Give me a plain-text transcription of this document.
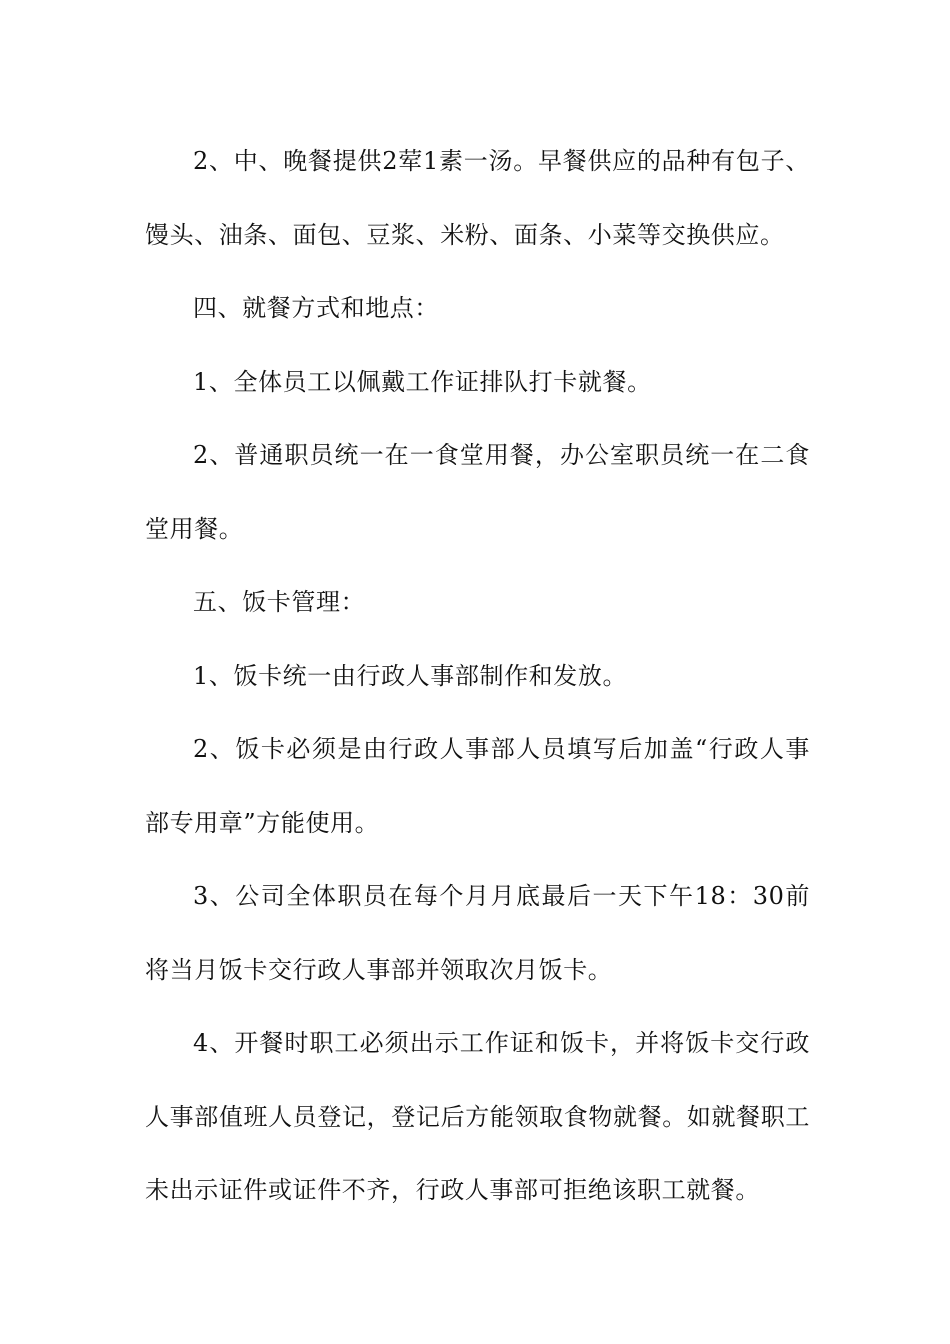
2、中、晚餐提供2荤1素一汤。早餐供应的品种有包子、馒头、油条、面包、豆浆、米粉、面条、小菜等交换供应。

四、就餐方式和地点：

1、全体员工以佩戴工作证排队打卡就餐。

2、普通职员统一在一食堂用餐，办公室职员统一在二食堂用餐。

五、饭卡管理：

1、饭卡统一由行政人事部制作和发放。

2、饭卡必须是由行政人事部人员填写后加盖“行政人事部专用章”方能使用。

3、公司全体职员在每个月月底最后一天下午18：30前将当月饭卡交行政人事部并领取次月饭卡。

4、开餐时职工必须出示工作证和饭卡，并将饭卡交行政人事部值班人员登记，登记后方能领取食物就餐。如就餐职工未出示证件或证件不齐，行政人事部可拒绝该职工就餐。
